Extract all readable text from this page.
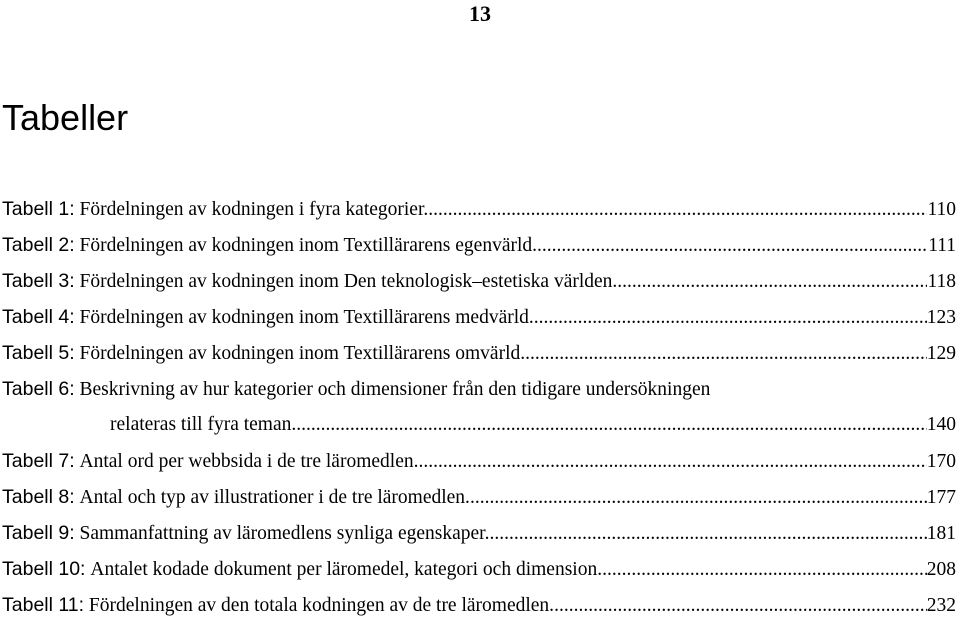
13
Tabeller
Tabell 1:
Fördelningen av kodningen i fyra kategorier. .....	110
Tabell 2:
Fördelningen av kodningen inom Textillärarens egenvärld. .....	111
Tabell 3:
Fördelningen av kodningen inom Den teknologisk–estetiska världen. .....	118
Tabell 4:
Fördelningen av kodningen inom Textillärarens medvärld. .....	123
Tabell 5:
Fördelningen av kodningen inom Textillärarens omvärld. .....	129
Tabell 6:
Beskrivning av hur kategorier och dimensioner från den tidigare undersökningen
relateras till fyra teman. .....	140
Tabell 7:
Antal ord per webbsida i de tre läromedlen. .....	170
Tabell 8:
Antal och typ av illustrationer i de tre läromedlen. .....	177
Tabell 9:
Sammanfattning av läromedlens synliga egenskaper. .....	181
Tabell 10:
Antalet kodade dokument per läromedel, kategori och dimension. .....	208
Tabell 11:
Fördelningen av den totala kodningen av de tre läromedlen. .....	232
